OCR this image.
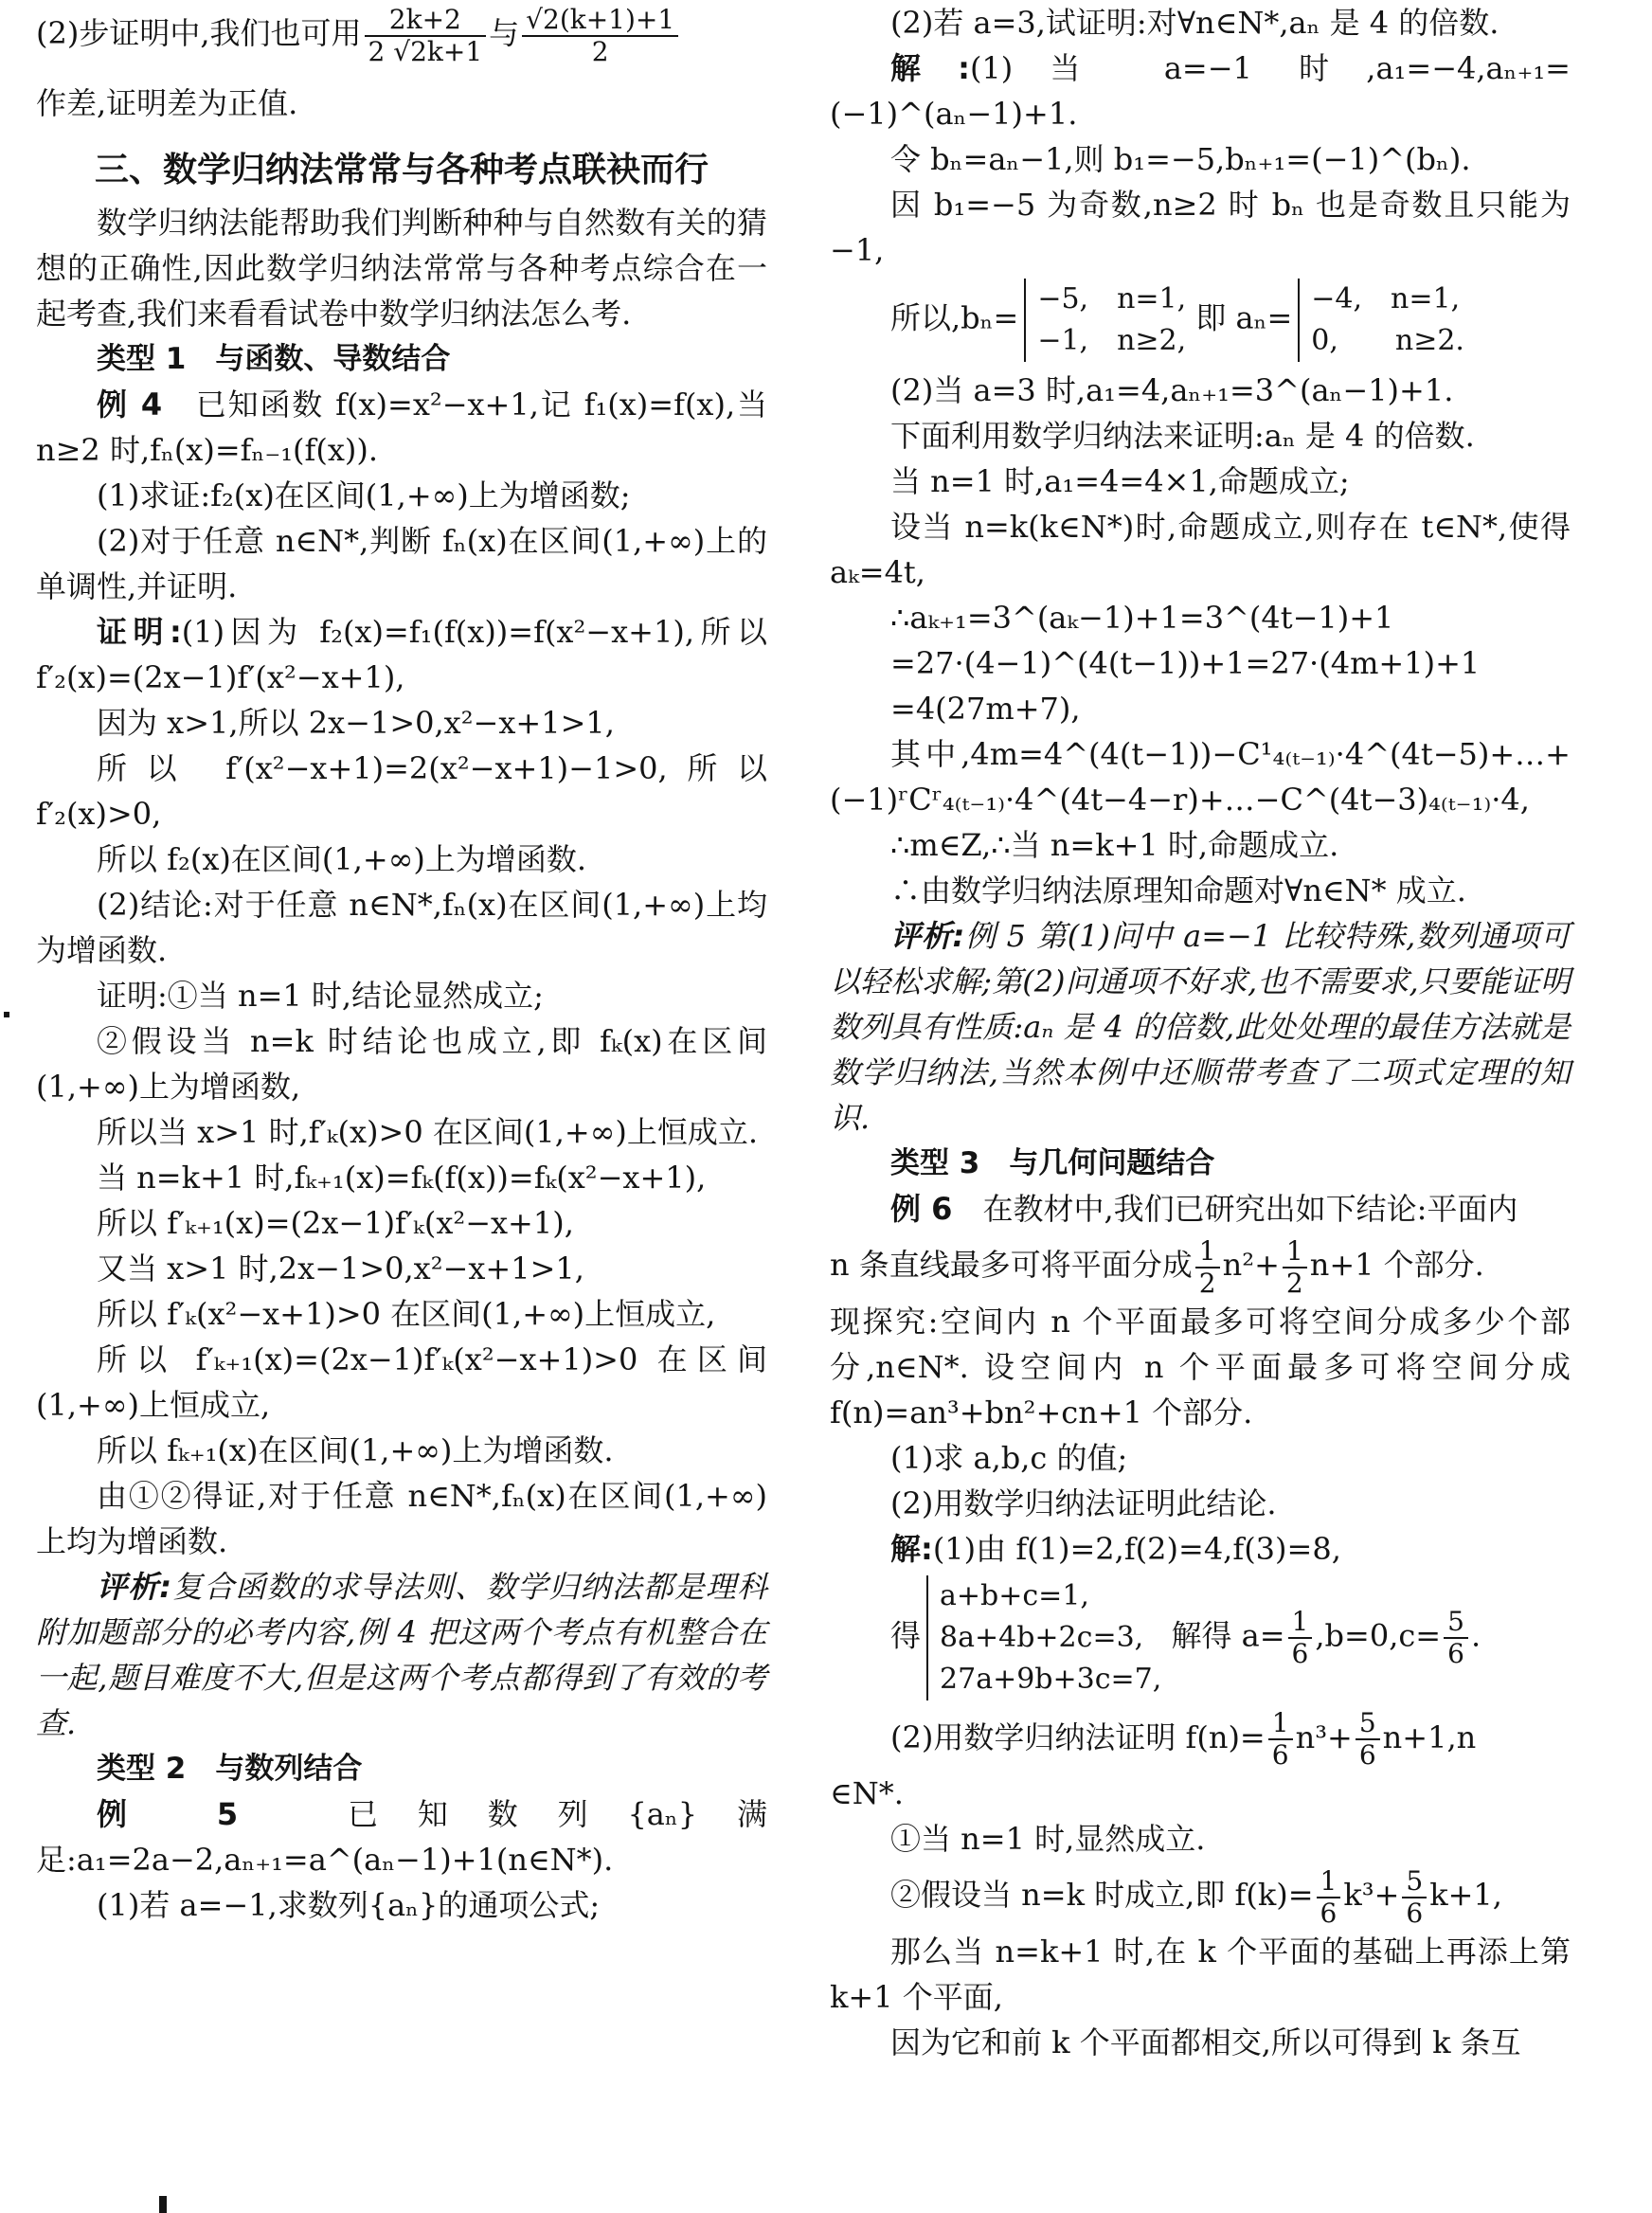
(2)步证明中,我们也可用 $\frac{2k+2}{2 √2k+1}$ 与 $\frac{√2(k+1)+1}{2}$

作差,证明差为正值.

三、数学归纳法常常与各种考点联袂而行

数学归纳法能帮助我们判断种种与自然数有关的猜想的正确性,因此数学归纳法常常与各种考点综合在一起考查,我们来看看试卷中数学归纳法怎么考.

类型 1　与函数、导数结合

例 4　 已知函数 f(x)=x²−x+1,记 f₁(x)=f(x),当 n≥2 时,fₙ(x)=fₙ₋₁(f(x)).

(1)求证:f₂(x)在区间(1,+∞)上为增函数;

(2)对于任意 n∈N*,判断 fₙ(x)在区间(1,+∞)上的单调性,并证明.

证明:(1)因为 f₂(x)=f₁(f(x))=f(x²−x+1),所以 f′₂(x)=(2x−1)f′(x²−x+1),

因为 x>1,所以 2x−1>0,x²−x+1>1,

所以 f′(x²−x+1)=2(x²−x+1)−1>0,所以 f′₂(x)>0,

所以 f₂(x)在区间(1,+∞)上为增函数.

(2)结论:对于任意 n∈N*,fₙ(x)在区间(1,+∞)上均为增函数.

证明:①当 n=1 时,结论显然成立;

②假设当 n=k 时结论也成立,即 fₖ(x)在区间(1,+∞)上为增函数,

所以当 x>1 时,f′ₖ(x)>0 在区间(1,+∞)上恒成立.

当 n=k+1 时,fₖ₊₁(x)=fₖ(f(x))=fₖ(x²−x+1),

所以 f′ₖ₊₁(x)=(2x−1)f′ₖ(x²−x+1),

又当 x>1 时,2x−1>0,x²−x+1>1,

所以 f′ₖ(x²−x+1)>0 在区间(1,+∞)上恒成立,

所以 f′ₖ₊₁(x)=(2x−1)f′ₖ(x²−x+1)>0 在区间(1,+∞)上恒成立,

所以 fₖ₊₁(x)在区间(1,+∞)上为增函数.

由①②得证,对于任意 n∈N*,fₙ(x)在区间(1,+∞)上均为增函数.

评析:复合函数的求导法则、数学归纳法都是理科附加题部分的必考内容,例 4 把这两个考点有机整合在一起,题目难度不大,但是这两个考点都得到了有效的考查.

类型 2　与数列结合

例 5　	已知数列{aₙ}满足:a₁=2a−2,aₙ₊₁=a^(aₙ−1)+1(n∈N*).

(1)若 a=−1,求数列{aₙ}的通项公式;

(2)若 a=3,试证明:对∀n∈N*,aₙ 是 4 的倍数.

解:(1)当 a=−1 时,a₁=−4,aₙ₊₁=(−1)^(aₙ−1)+1.

令 bₙ=aₙ−1,则 b₁=−5,bₙ₊₁=(−1)^(bₙ).

因 b₁=−5 为奇数,n≥2 时 bₙ 也是奇数且只能为−1,

所以,bₙ=
−5,　n=1,
−1,　n≥2,
即 aₙ=
−4,　n=1,
0,　　n≥2.

(2)当 a=3 时,a₁=4,aₙ₊₁=3^(aₙ−1)+1.

下面利用数学归纳法来证明:aₙ 是 4 的倍数.

当 n=1 时,a₁=4=4×1,命题成立;

设当 n=k(k∈N*)时,命题成立,则存在 t∈N*,使得 aₖ=4t,

∴aₖ₊₁=3^(aₖ−1)+1=3^(4t−1)+1

=27·(4−1)^(4(t−1))+1=27·(4m+1)+1

=4(27m+7),

其中,4m=4^(4(t−1))−C¹₄₍ₜ₋₁₎·4^(4t−5)+…+(−1)ʳCʳ₄₍ₜ₋₁₎·4^(4t−4−r)+…−C^(4t−3)₄₍ₜ₋₁₎·4,

∴m∈Z,∴当 n=k+1 时,命题成立.

∴由数学归纳法原理知命题对∀n∈N* 成立.

评析:例 5 第(1)问中 a=−1 比较特殊,数列通项可以轻松求解;第(2)问通项不好求,也不需要求,只要能证明数列具有性质:aₙ 是 4 的倍数,此处处理的最佳方法就是数学归纳法,当然本例中还顺带考查了二项式定理的知识.

类型 3　与几何问题结合

例 6　 在教材中,我们已研究出如下结论:平面内

n 条直线最多可将平面分成 $\frac{1}{2} n^2+ \frac{1}{2} n+1$ 个部分.

现探究:空间内 n 个平面最多可将空间分成多少个部分,n∈N*. 设空间内 n 个平面最多可将空间分成 f(n)=an³+bn²+cn+1 个部分.

(1)求 a,b,c 的值;

(2)用数学归纳法证明此结论.

解:(1)由 f(1)=2,f(2)=4,f(3)=8,

得
a+b+c=1,
8a+4b+2c=3,
27a+9b+3c=7,
解得 $a= \frac{1}{6} ,b=0,c= \frac{5}{6}$ .
(2)用数学归纳法证明 $f(n)= \frac{1}{6} n^3+ \frac{5}{6} n+1,n$

∈N*.

①当 n=1 时,显然成立.

②假设当 n=k 时成立,即 $f(k)= \frac{1}{6} k^3+ \frac{5}{6} k+1$,

那么当 n=k+1 时,在 k 个平面的基础上再添上第 k+1 个平面,

因为它和前 k 个平面都相交,所以可得到 k 条互
